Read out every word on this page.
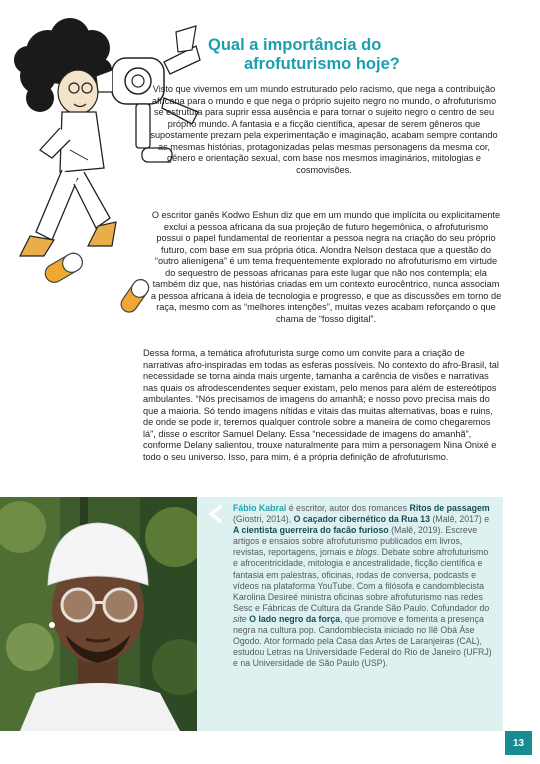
Qual a importância do
afrofuturismo hoje?

Visto que vivemos em um mundo estruturado pelo racismo, que nega a contribuição africana para o mundo e que nega o próprio sujeito negro no mundo, o afrofuturismo se estrutura para suprir essa ausência e para tornar o sujeito negro o centro de seu próprio mundo. A fantasia e a ficção científica, apesar de serem gêneros que supostamente prezam pela experimentação e imaginação, acabam sempre contando as mesmas histórias, protagonizadas pelas mesmas personagens da mesma cor, gênero e orientação sexual, com base nos mesmos imaginários, mitologias e cosmovisões.

O escritor ganês Kodwo Eshun diz que em um mundo que implícita ou explicitamente exclui a pessoa africana da sua projeção de futuro hegemônica, o afrofuturismo possui o papel fundamental de reorientar a pessoa negra na criação do seu próprio futuro, com base em sua própria ótica. Alondra Nelson destaca que a questão do “outro alienígena” é um tema frequentemente explorado no afrofuturismo em virtude do sequestro de pessoas africanas para este lugar que não nos contempla; ela também diz que, nas histórias criadas em um contexto eurocêntrico, nunca associam a pessoa africana à ideia de tecnologia e progresso, e que as discussões em torno de raça, mesmo com as “melhores intenções”, muitas vezes acabam reforçando o que chama de “fosso digital”.

Dessa forma, a temática afrofuturista surge como um convite para a criação de narrativas afro-inspiradas em todas as esferas possíveis. No contexto do afro-Brasil, tal necessidade se torna ainda mais urgente, tamanha a carência de visões e narrativas nas quais os afrodescendentes sequer existam, pelo menos para além de estereótipos ambulantes. “Nós precisamos de imagens do amanhã; e nosso povo precisa mais do que a maioria. Só tendo imagens nítidas e vitais das muitas alternativas, boas e ruins, de onde se pode ir, teremos qualquer controle sobre a maneira de como chegaremos lá”, disse o escritor Samuel Delany. Essa “necessidade de imagens do amanhã”, conforme Delany salientou, trouxe naturalmente para mim a personagem Nina Onixé e todo o seu universo. Isso, para mim, é a própria definição de afrofuturismo.

Fábio Kabral é escritor, autor dos romances Ritos de passagem (Giostri, 2014), O caçador cibernético da Rua 13 (Malê, 2017) e A cientista guerreira do facão furioso (Malê, 2019). Escreve artigos e ensaios sobre afrofuturismo publicados em livros, revistas, reportagens, jornais e blogs. Debate sobre afrofuturismo e afrocentricidade, mitologia e ancestralidade, ficção científica e fantasia em palestras, oficinas, rodas de conversa, podcasts e vídeos na plataforma YouTube. Com a filósofa e candomblecista Karolina Desireé ministra oficinas sobre afrofuturismo nas redes Sesc e Fábricas de Cultura da Grande São Paulo. Cofundador do site O lado negro da força, que promove e fomenta a presença negra na cultura pop. Candomblecista iniciado no Ilê Obá Àse Ogodo. Ator formado pela Casa das Artes de Laranjeiras (CAL), estudou Letras na Universidade Federal do Rio de Janeiro (UFRJ) e na Universidade de São Paulo (USP).
13
